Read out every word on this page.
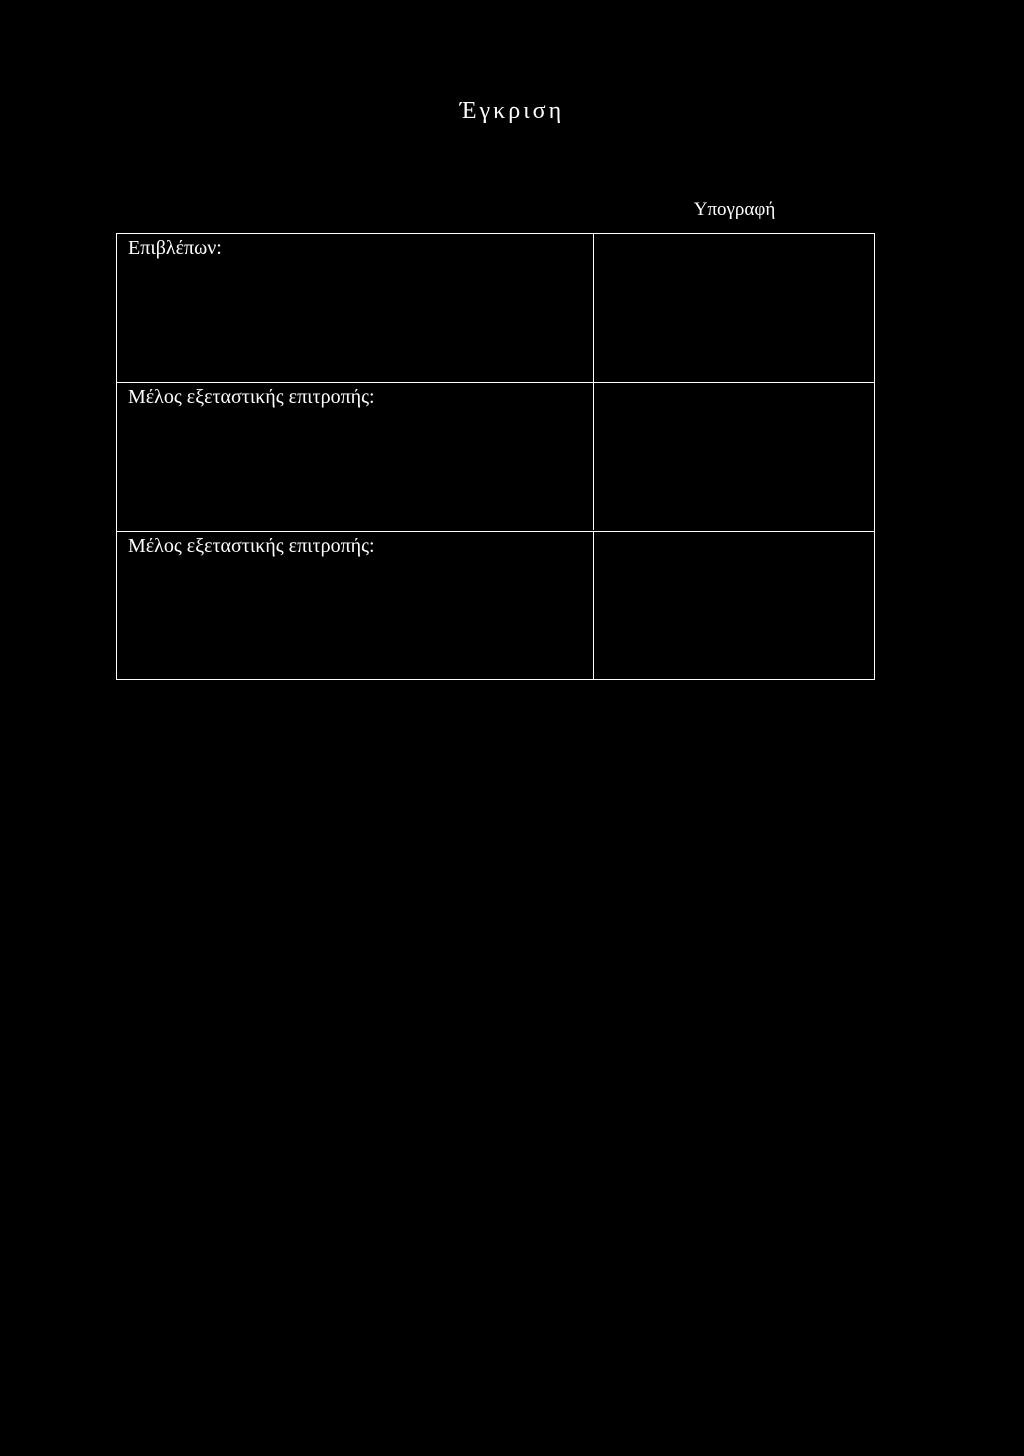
Έγκριση
Υπογραφή
Επιβλέπων:
Μέλος εξεταστικής επιτροπής:
Μέλος εξεταστικής επιτροπής:
